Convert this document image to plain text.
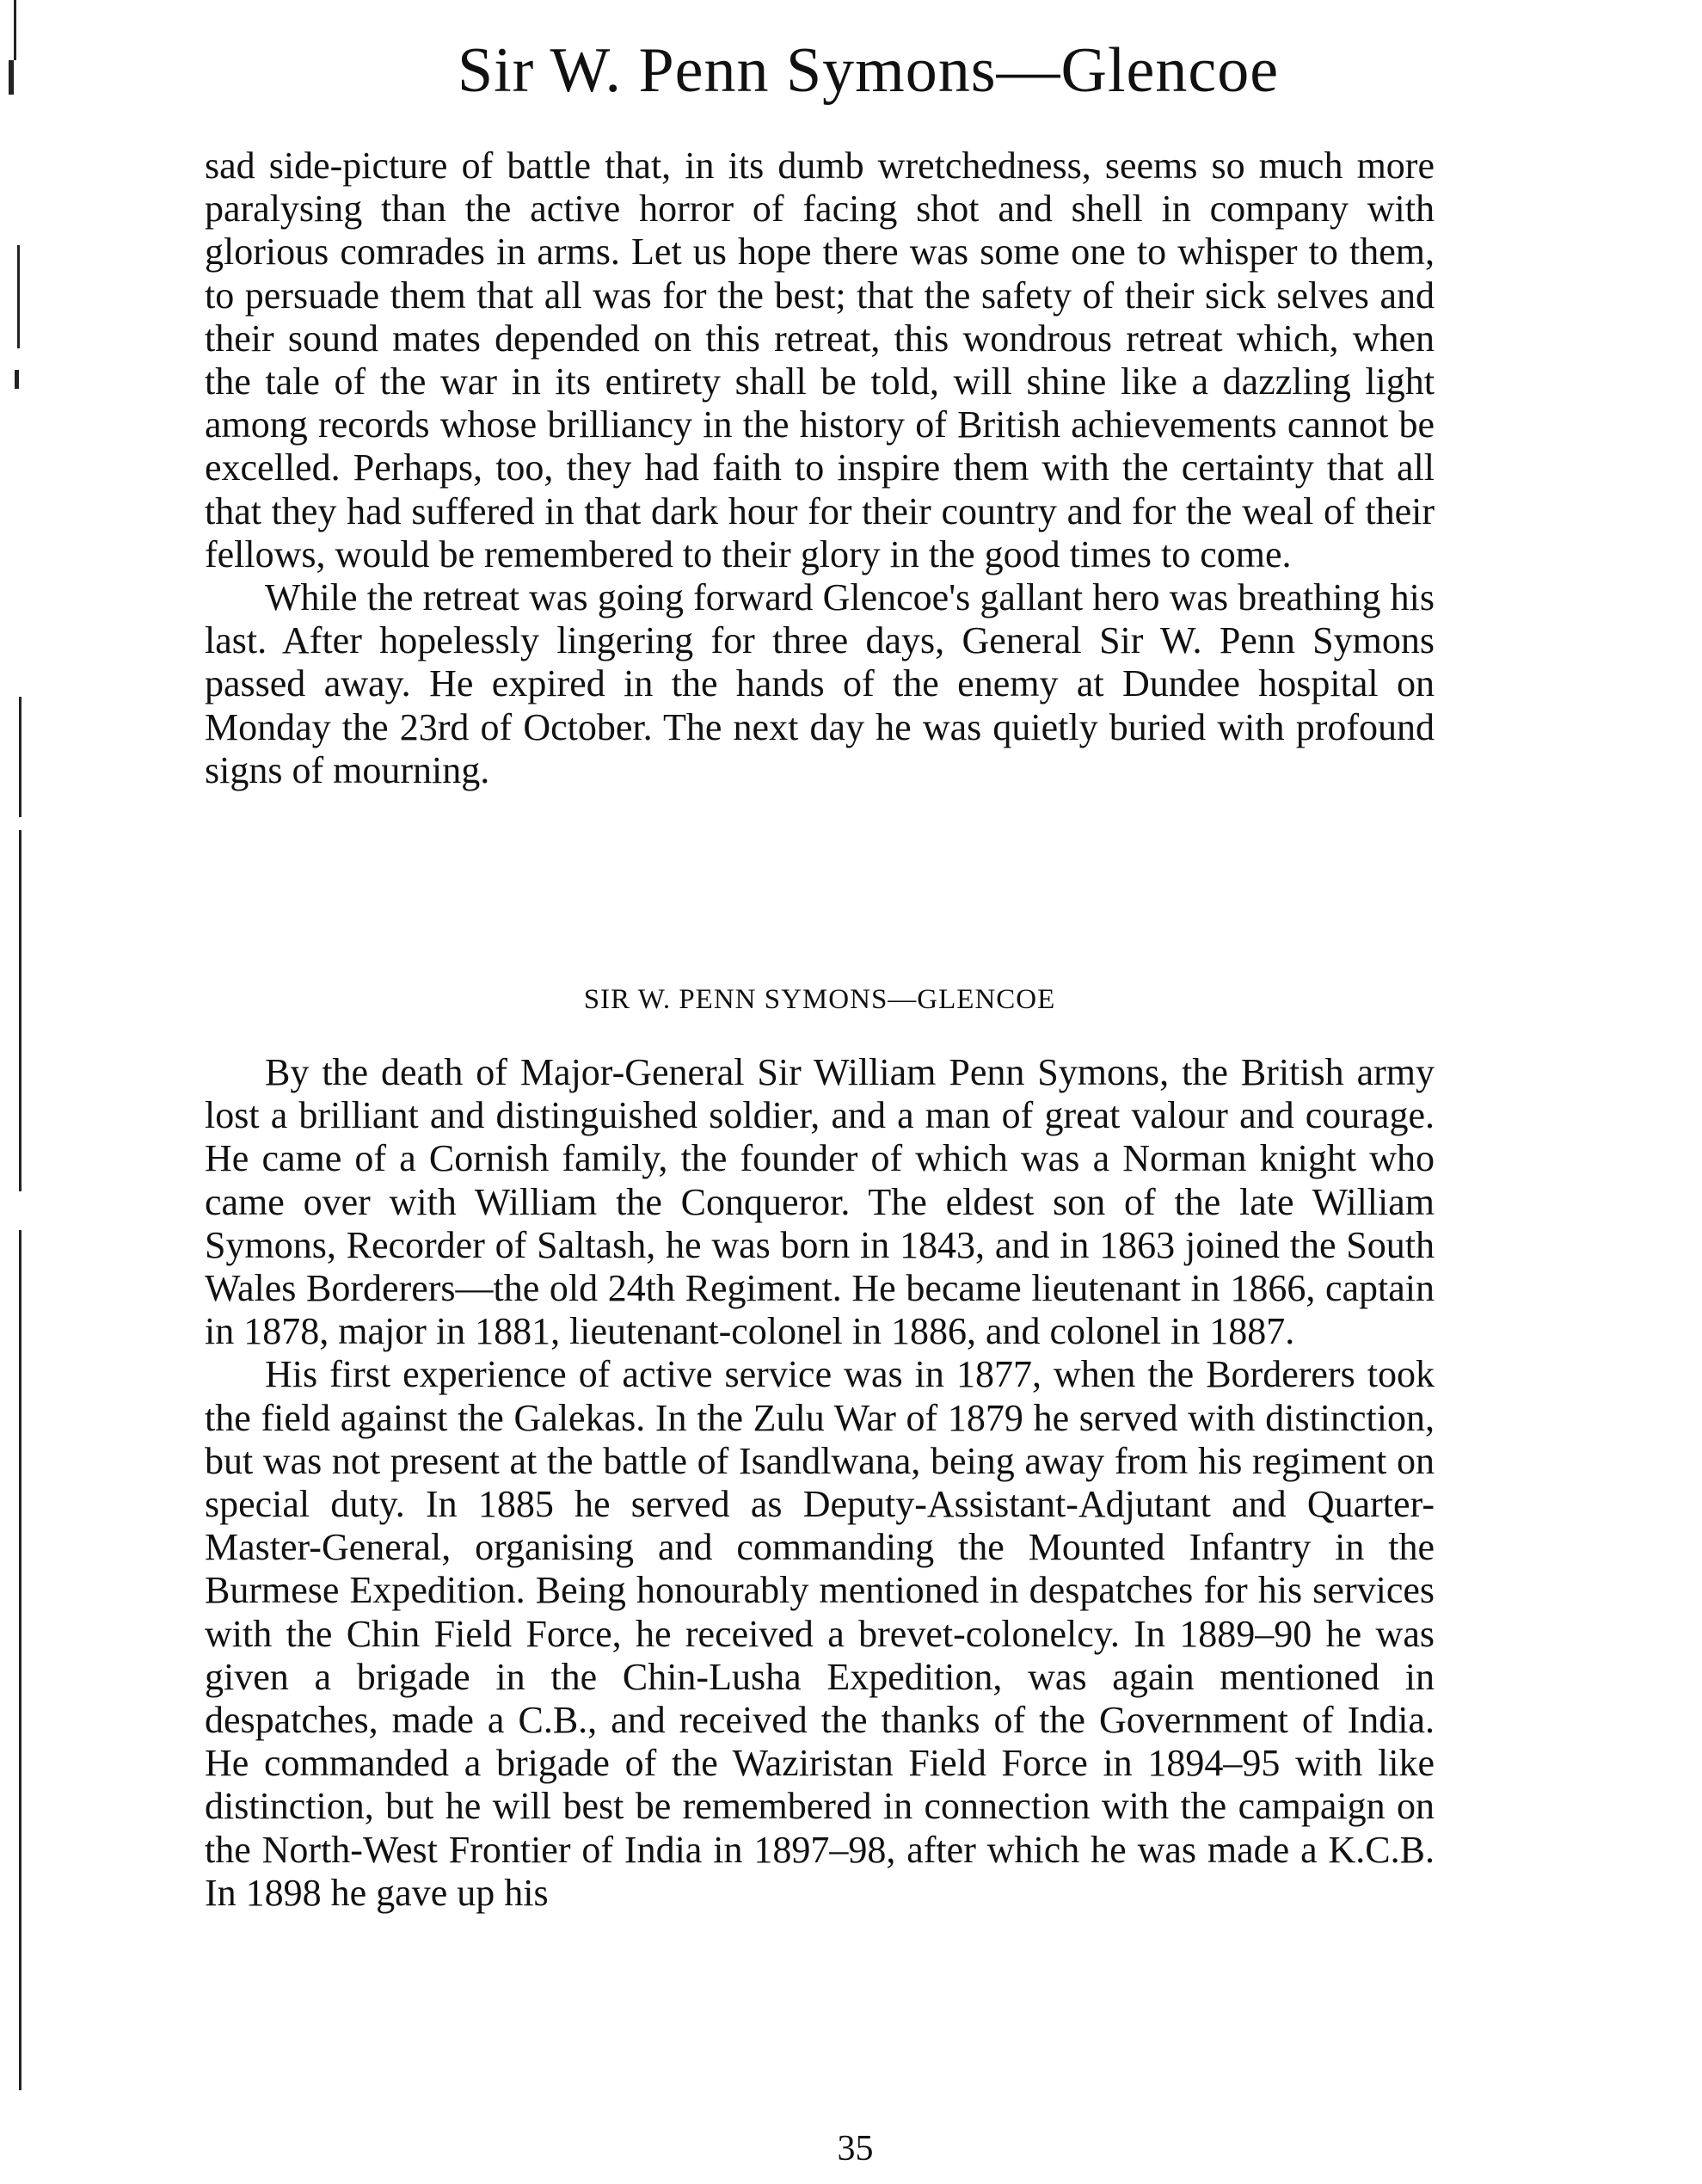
Sir W. Penn Symons—Glencoe

sad side-picture of battle that, in its dumb wretchedness, seems so much more paralysing than the active horror of facing shot and shell in company with glorious comrades in arms. Let us hope there was some one to whisper to them, to persuade them that all was for the best; that the safety of their sick selves and their sound mates depended on this retreat, this wondrous retreat which, when the tale of the war in its entirety shall be told, will shine like a dazzling light among records whose brilliancy in the history of British achievements cannot be excelled. Perhaps, too, they had faith to inspire them with the certainty that all that they had suffered in that dark hour for their country and for the weal of their fellows, would be remembered to their glory in the good times to come.

While the retreat was going forward Glencoe's gallant hero was breathing his last. After hopelessly lingering for three days, General Sir W. Penn Symons passed away. He expired in the hands of the enemy at Dundee hospital on Monday the 23rd of October. The next day he was quietly buried with profound signs of mourning.

SIR W. PENN SYMONS—GLENCOE

By the death of Major-General Sir William Penn Symons, the British army lost a brilliant and distinguished soldier, and a man of great valour and courage. He came of a Cornish family, the founder of which was a Norman knight who came over with William the Conqueror. The eldest son of the late William Symons, Recorder of Saltash, he was born in 1843, and in 1863 joined the South Wales Borderers—the old 24th Regiment. He became lieutenant in 1866, captain in 1878, major in 1881, lieutenant-colonel in 1886, and colonel in 1887.

His first experience of active service was in 1877, when the Borderers took the field against the Galekas. In the Zulu War of 1879 he served with distinction, but was not present at the battle of Isandlwana, being away from his regiment on special duty. In 1885 he served as Deputy-Assistant-Adjutant and Quarter-Master-General, organising and commanding the Mounted Infantry in the Burmese Expedition. Being honourably mentioned in despatches for his services with the Chin Field Force, he received a brevet-colonelcy. In 1889–90 he was given a brigade in the Chin-Lusha Expedition, was again mentioned in despatches, made a C.B., and received the thanks of the Government of India. He commanded a brigade of the Waziristan Field Force in 1894–95 with like distinction, but he will best be remembered in connection with the campaign on the North-West Frontier of India in 1897–98, after which he was made a K.C.B. In 1898 he gave up his

35
